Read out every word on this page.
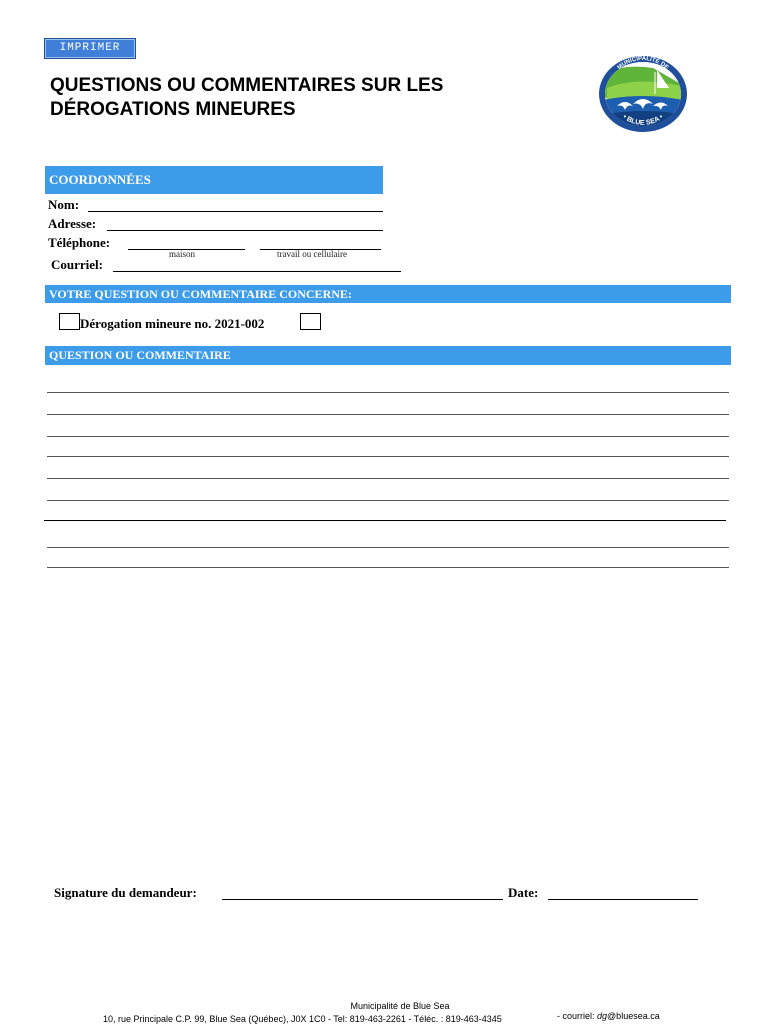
IMPRIMER
QUESTIONS OU COMMENTAIRES SUR LES
DÉROGATIONS MINEURES
MUNICIPALITÉ DE
• BLUE SEA •
COORDONNÉES
Nom:
Adresse:
Téléphone:
maison	travail ou cellulaire
Courriel:
VOTRE QUESTION OU COMMENTAIRE CONCERNE:
Dérogation mineure no. 2021-002
QUESTION OU COMMENTAIRE
Signature du demandeur:	Date:
Municipalité de Blue Sea
10, rue Principale C.P. 99, Blue Sea (Québec), J0X 1C0 - Tel: 819-463-2261 - Téléc. : 819-463-4345	- courriel: dg@bluesea.ca
